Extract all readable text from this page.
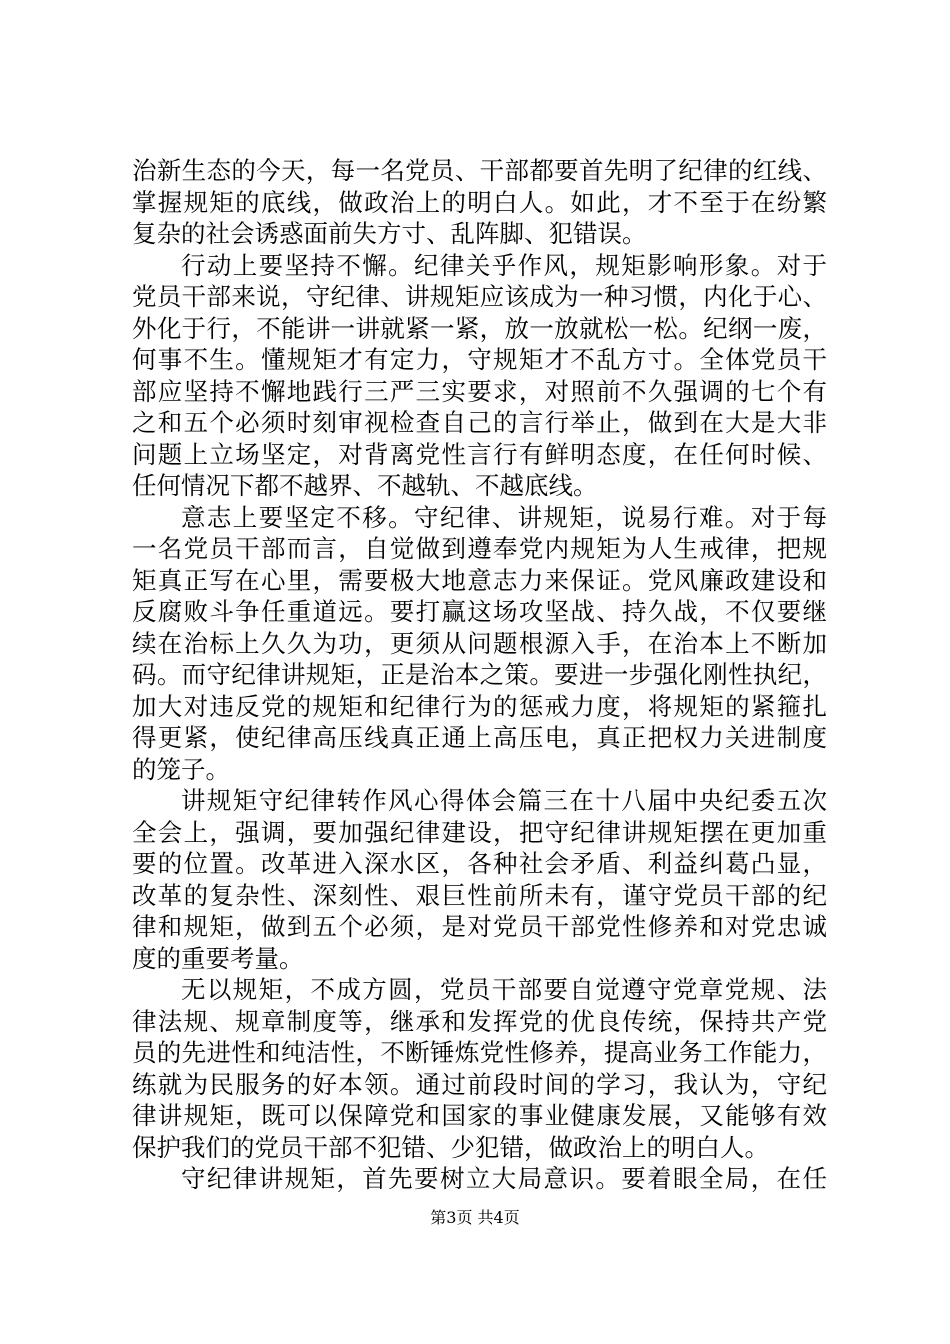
治新生态的今天，每一名党员、干部都要首先明了纪律的红线、
掌握规矩的底线，做政治上的明白人。如此，才不至于在纷繁
复杂的社会诱惑面前失方寸、乱阵脚、犯错误。
行动上要坚持不懈。纪律关乎作风，规矩影响形象。对于
党员干部来说，守纪律、讲规矩应该成为一种习惯，内化于心、
外化于行，不能讲一讲就紧一紧，放一放就松一松。纪纲一废，
何事不生。懂规矩才有定力，守规矩才不乱方寸。全体党员干
部应坚持不懈地践行三严三实要求，对照前不久强调的七个有
之和五个必须时刻审视检查自己的言行举止，做到在大是大非
问题上立场坚定，对背离党性言行有鲜明态度，在任何时候、
任何情况下都不越界、不越轨、不越底线。
意志上要坚定不移。守纪律、讲规矩，说易行难。对于每
一名党员干部而言，自觉做到遵奉党内规矩为人生戒律，把规
矩真正写在心里，需要极大地意志力来保证。党风廉政建设和
反腐败斗争任重道远。要打赢这场攻坚战、持久战，不仅要继
续在治标上久久为功，更须从问题根源入手，在治本上不断加
码。而守纪律讲规矩，正是治本之策。要进一步强化刚性执纪，
加大对违反党的规矩和纪律行为的惩戒力度，将规矩的紧箍扎
得更紧，使纪律高压线真正通上高压电，真正把权力关进制度
的笼子。
讲规矩守纪律转作风心得体会篇三在十八届中央纪委五次
全会上，强调，要加强纪律建设，把守纪律讲规矩摆在更加重
要的位置。改革进入深水区，各种社会矛盾、利益纠葛凸显，
改革的复杂性、深刻性、艰巨性前所未有，谨守党员干部的纪
律和规矩，做到五个必须，是对党员干部党性修养和对党忠诚
度的重要考量。
无以规矩，不成方圆，党员干部要自觉遵守党章党规、法
律法规、规章制度等，继承和发挥党的优良传统，保持共产党
员的先进性和纯洁性，不断锤炼党性修养，提高业务工作能力，
练就为民服务的好本领。通过前段时间的学习，我认为，守纪
律讲规矩，既可以保障党和国家的事业健康发展，又能够有效
保护我们的党员干部不犯错、少犯错，做政治上的明白人。
守纪律讲规矩，首先要树立大局意识。要着眼全局，在任
第3页 共4页
